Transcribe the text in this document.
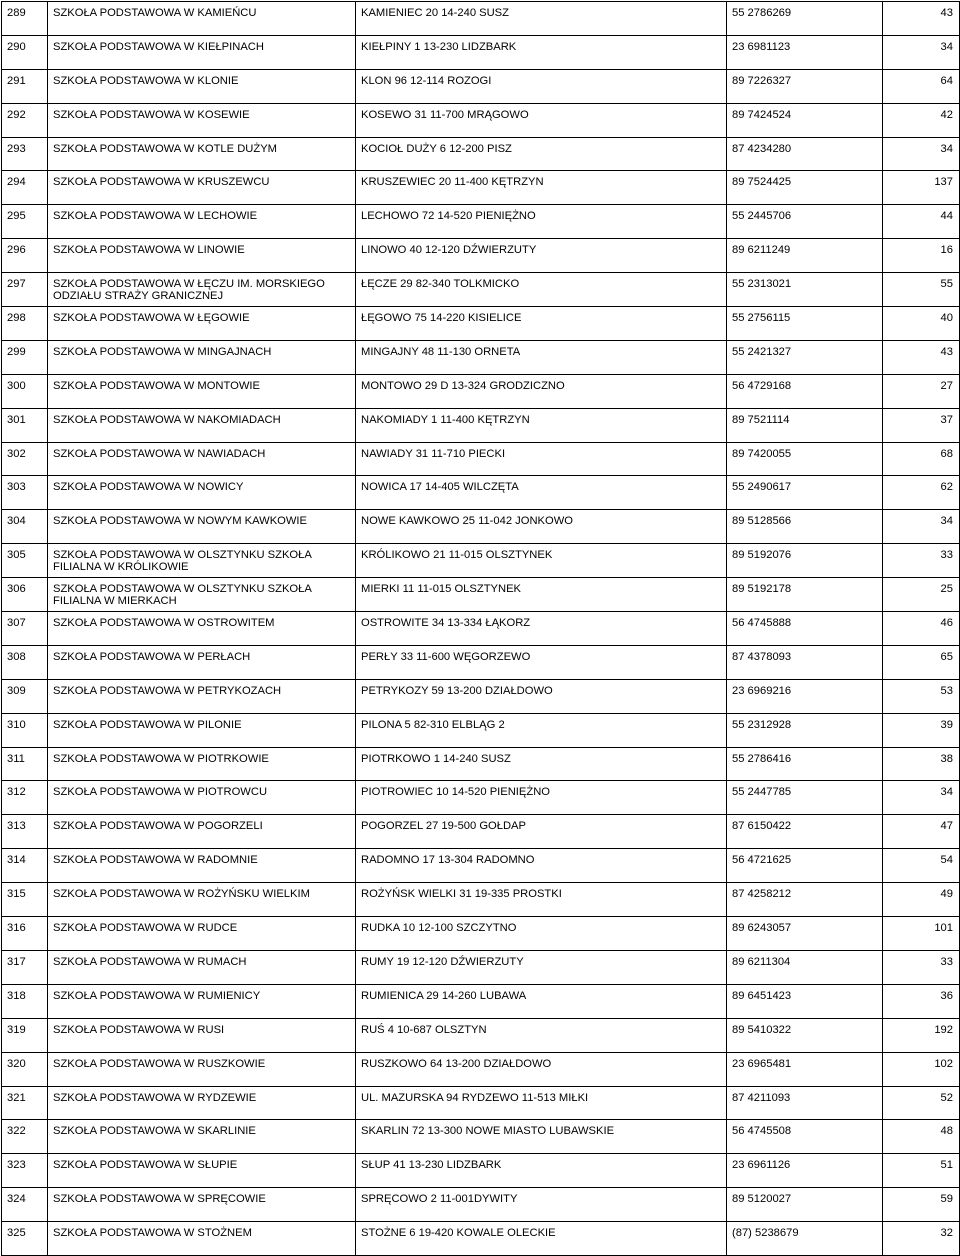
289	SZKOŁA PODSTAWOWA W KAMIEŃCU	KAMIENIEC 20 14-240 SUSZ	55 2786269	43
290	SZKOŁA PODSTAWOWA W KIEŁPINACH	KIEŁPINY 1 13-230 LIDZBARK	23 6981123	34
291	SZKOŁA PODSTAWOWA W KLONIE	KLON 96 12-114 ROZOGI	89 7226327	64
292	SZKOŁA PODSTAWOWA W KOSEWIE	KOSEWO 31 11-700 MRĄGOWO	89 7424524	42
293	SZKOŁA PODSTAWOWA W KOTLE DUŻYM	KOCIOŁ DUŻY 6 12-200 PISZ	87 4234280	34
294	SZKOŁA PODSTAWOWA W KRUSZEWCU	KRUSZEWIEC 20 11-400 KĘTRZYN	89 7524425	137
295	SZKOŁA PODSTAWOWA W LECHOWIE	LECHOWO 72 14-520 PIENIĘŻNO	55 2445706	44
296	SZKOŁA PODSTAWOWA W LINOWIE	LINOWO 40 12-120 DŹWIERZUTY	89 6211249	16
297	SZKOŁA PODSTAWOWA W ŁĘCZU IM. MORSKIEGO ODZIAŁU STRAŻY GRANICZNEJ	ŁĘCZE 29 82-340 TOLKMICKO	55 2313021	55
298	SZKOŁA PODSTAWOWA W ŁĘGOWIE	ŁĘGOWO 75 14-220 KISIELICE	55 2756115	40
299	SZKOŁA PODSTAWOWA W MINGAJNACH	MINGAJNY 48 11-130 ORNETA	55 2421327	43
300	SZKOŁA PODSTAWOWA W MONTOWIE	MONTOWO 29 D 13-324 GRODZICZNO	56 4729168	27
301	SZKOŁA PODSTAWOWA W NAKOMIADACH	NAKOMIADY 1 11-400 KĘTRZYN	89 7521114	37
302	SZKOŁA PODSTAWOWA W NAWIADACH	NAWIADY 31 11-710 PIECKI	89 7420055	68
303	SZKOŁA PODSTAWOWA W NOWICY	NOWICA 17 14-405 WILCZĘTA	55 2490617	62
304	SZKOŁA PODSTAWOWA W NOWYM KAWKOWIE	NOWE KAWKOWO 25 11-042 JONKOWO	89 5128566	34
305	SZKOŁA PODSTAWOWA W OLSZTYNKU SZKOŁA FILIALNA W KRÓLIKOWIE	KRÓLIKOWO 21 11-015 OLSZTYNEK	89 5192076	33
306	SZKOŁA PODSTAWOWA W OLSZTYNKU SZKOŁA FILIALNA W MIERKACH	MIERKI 11 11-015 OLSZTYNEK	89 5192178	25
307	SZKOŁA PODSTAWOWA W OSTROWITEM	OSTROWITE 34 13-334 ŁĄKORZ	56 4745888	46
308	SZKOŁA PODSTAWOWA W PERŁACH	PERŁY 33 11-600 WĘGORZEWO	87 4378093	65
309	SZKOŁA PODSTAWOWA W PETRYKOZACH	PETRYKOZY 59 13-200 DZIAŁDOWO	23 6969216	53
310	SZKOŁA PODSTAWOWA W PILONIE	PILONA 5 82-310 ELBLĄG 2	55 2312928	39
311	SZKOŁA PODSTAWOWA W PIOTRKOWIE	PIOTRKOWO 1 14-240 SUSZ	55 2786416	38
312	SZKOŁA PODSTAWOWA W PIOTROWCU	PIOTROWIEC 10 14-520 PIENIĘŻNO	55 2447785	34
313	SZKOŁA PODSTAWOWA W POGORZELI	POGORZEL 27 19-500 GOŁDAP	87 6150422	47
314	SZKOŁA PODSTAWOWA W RADOMNIE	RADOMNO 17 13-304 RADOMNO	56 4721625	54
315	SZKOŁA PODSTAWOWA W ROŻYŃSKU WIELKIM	ROŻYŃSK WIELKI 31 19-335 PROSTKI	87 4258212	49
316	SZKOŁA PODSTAWOWA W RUDCE	RUDKA 10 12-100 SZCZYTNO	89 6243057	101
317	SZKOŁA PODSTAWOWA W RUMACH	RUMY 19 12-120 DŹWIERZUTY	89 6211304	33
318	SZKOŁA PODSTAWOWA W RUMIENICY	RUMIENICA 29 14-260 LUBAWA	89 6451423	36
319	SZKOŁA PODSTAWOWA W RUSI	RUŚ 4 10-687 OLSZTYN	89 5410322	192
320	SZKOŁA PODSTAWOWA W RUSZKOWIE	RUSZKOWO 64 13-200 DZIAŁDOWO	23 6965481	102
321	SZKOŁA PODSTAWOWA W RYDZEWIE	UL. MAZURSKA 94 RYDZEWO 11-513 MIŁKI	87 4211093	52
322	SZKOŁA PODSTAWOWA W SKARLINIE	SKARLIN 72 13-300 NOWE MIASTO LUBAWSKIE	56 4745508	48
323	SZKOŁA PODSTAWOWA W SŁUPIE	SŁUP 41 13-230 LIDZBARK	23 6961126	51
324	SZKOŁA PODSTAWOWA W SPRĘCOWIE	SPRĘCOWO 2 11-001DYWITY	89 5120027	59
325	SZKOŁA PODSTAWOWA W STOŻNEM	STOŻNE 6 19-420 KOWALE OLECKIE	(87) 5238679	32
